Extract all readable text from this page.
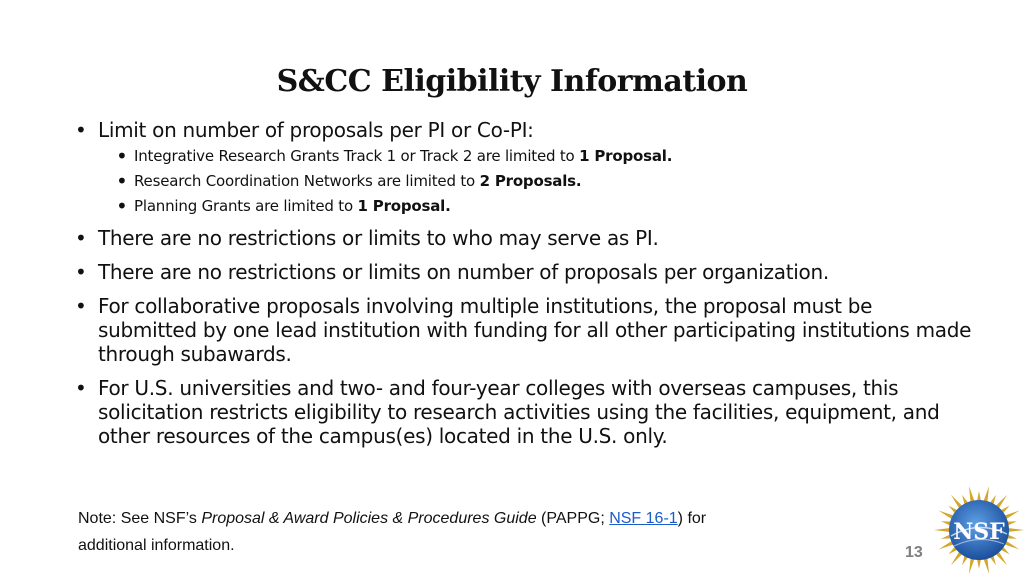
S&CC Eligibility Information
• Limit on number of proposals per PI or Co-PI:
• Integrative Research Grants Track 1 or Track 2 are limited to 1 Proposal.
• Research Coordination Networks are limited to 2 Proposals.
• Planning Grants are limited to 1 Proposal.
• There are no restrictions or limits to who may serve as PI.
• There are no restrictions or limits on number of proposals per organization.
• For collaborative proposals involving multiple institutions, the proposal must be submitted by one lead institution with funding for all other participating institutions made through subawards.
• For U.S. universities and two- and four-year colleges with overseas campuses, this solicitation restricts eligibility to research activities using the facilities, equipment, and other resources of the campus(es) located in the U.S. only.
Note: See NSF’s Proposal & Award Policies & Procedures Guide (PAPPG; NSF 16-1) for
additional information.	13
NSF
